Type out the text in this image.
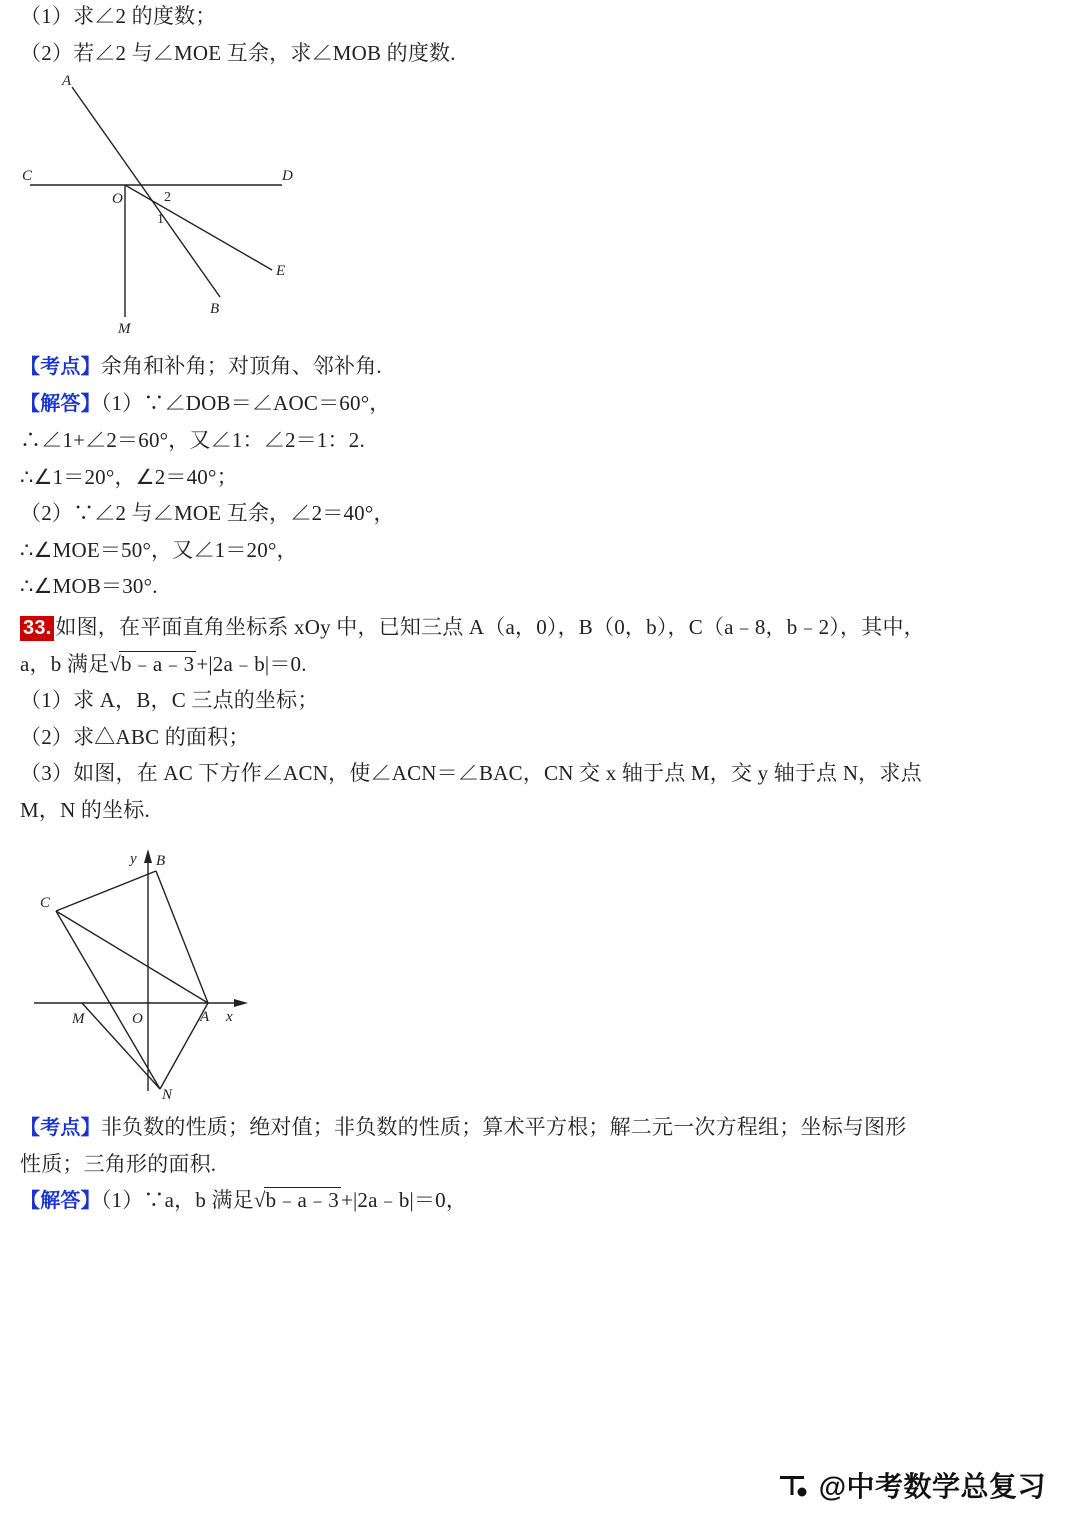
（1）求∠2 的度数；
（2）若∠2 与∠MOE 互余，求∠MOB 的度数.
A
C	D
O
1
2
B
E
M
【考点】余角和补角；对顶角、邻补角.
【解答】（1）∵∠DOB＝∠AOC＝60°，
∴∠1+∠2＝60°，又∠1：∠2＝1：2.
∴∠1＝20°，∠2＝40°；
（2）∵∠2 与∠MOE 互余，∠2＝40°，
∴∠MOE＝50°，又∠1＝20°，
∴∠MOB＝30°.
33. 如图，在平面直角坐标系 xOy 中，已知三点 A（a，0），B（0，b），C（a﹣8，b﹣2），其中，
a，b 满足√b﹣a﹣3+|2a﹣b|＝0.
（1）求 A，B，C 三点的坐标；
（2）求△ABC 的面积；
（3）如图，在 AC 下方作∠ACN，使∠ACN＝∠BAC，CN 交 x 轴于点 M，交 y 轴于点 N，求点
M，N 的坐标.
y B
C
M	O	A x
N
【考点】非负数的性质；绝对值；非负数的性质；算术平方根；解二元一次方程组；坐标与图形
性质；三角形的面积.
【解答】（1）∵a，b 满足√b﹣a﹣3+|2a﹣b|＝0，
@中考数学总复习
